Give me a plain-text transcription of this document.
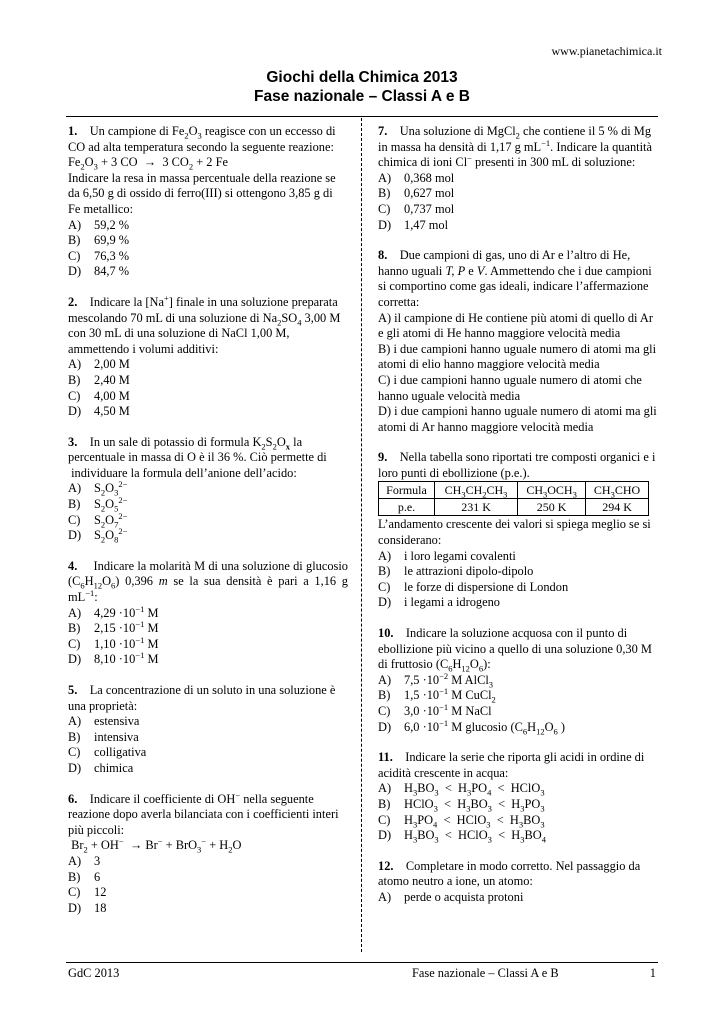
www.pianetachimica.it
Giochi della Chimica 2013
Fase nazionale – Classi A e B

1.    Un campione di $Fe_2O_3$ reagisce con un eccesso di CO ad alta temperatura secondo la seguente reazione:

$Fe_2O_3 + 3$ CO  →  3 $CO_2 + 2$ Fe

Indicare la resa in massa percentuale della reazione se da 6,50 g di ossido di ferro(III) si ottengono 3,85 g di Fe metallico:

A)	59,2 %
B)	69,9 %
C)	76,3 %
D)	84,7 %

2.    Indicare la [Na+] finale in una soluzione preparata mescolando 70 mL di una soluzione di $Na_2SO_4$ 3,00 M con 30 mL di una soluzione di NaCl 1,00 M, ammettendo i volumi additivi:

A)	2,00 M
B)	2,40 M
C)	4,00 M
D)	4,50 M

3.    In un sale di potassio di formula $K_2S_2O_x$ la percentuale in massa di O è il 36 %. Ciò permette di  individuare la formula dell’anione dell’acido:

A)	$S_2O_3^{2-}$
B)	$S_2O_5^{2-}$
C)	$S_2O_7^{2-}$
D)	$S_2O_8^{2-}$

4.     Indicare la molarità M di una soluzione di glucosio $(C_6H_{12}O_6)$ 0,396 m se la sua densità è pari a 1,16 g $mL^{-1}$:

A)	$4,29 \cdot 10^{-1}$ M
B)	$2,15 \cdot 10^{-1}$ M
C)	$1,10 \cdot 10^{-1}$ M
D)	$8,10 \cdot 10^{-1}$ M

5. La concentrazione di un soluto in una soluzione è una proprietà:

A)	estensiva
B)	intensiva
C)	colligativa
D)	chimica

6.    Indicare il coefficiente di OH− nella seguente reazione dopo averla bilanciata con i coefficienti interi più piccoli:

$Br_2 + OH^- \to Br^- + BrO_3^- + H_2O$

A)	3
B)	6
C)	12
D)	18

7.    Una soluzione di MgCl$_2$ che contiene il 5 % di Mg in massa ha densità di 1,17 g $mL^{-1}$. Indicare la quantità chimica di ioni Cl− presenti in 300 mL di soluzione:

A)	0,368 mol
B)	0,627 mol
C)	0,737 mol
D)	1,47 mol

8.    Due campioni di gas, uno di Ar e l’altro di He, hanno uguali T, P e V. Ammettendo che i due campioni si comportino come gas ideali, indicare l’affermazione corretta:

A) il campione di He contiene più atomi di quello di Ar e gli atomi di He hanno maggiore velocità media

B) i due campioni hanno uguale numero di atomi ma gli atomi di elio hanno maggiore velocità media

C) i due campioni hanno uguale numero di atomi che hanno uguale velocità media

D) i due campioni hanno uguale numero di atomi ma gli atomi di Ar hanno maggiore velocità media

9. Nella tabella sono riportati tre composti organici e i loro punti di ebollizione (p.e.).

Formula	$CH_3CH_2CH_3$	$CH_3OCH_3$	$CH_3CHO$
p.e.	231 K	250 K	294 K

L’andamento crescente dei valori si spiega meglio se si considerano:

A)	i loro legami covalenti
B)	le attrazioni dipolo-dipolo
C)	le forze di dispersione di London
D)	i legami a idrogeno

10.    Indicare la soluzione acquosa con il punto di ebollizione più vicino a quello di una soluzione 0,30 M di fruttosio $(C_6H_{12}O_6)$:

A)	$7,5 \cdot 10^{-2}$ M AlCl$_3$
B)	$1,5 \cdot 10^{-1}$ M CuCl$_2$
C)	$3,0 \cdot 10^{-1}$ M NaCl
D)	$6,0 \cdot 10^{-1}$ M glucosio ($C_6H_{12}O_6$ )

11. Indicare la serie che riporta gli acidi in ordine di acidità crescente in acqua:

A)	$H_3BO_3 < H_3PO_4$  <  HClO$_3$
B)	HClO$_3$  <  $H_3BO_3 < H_3PO_3$
C)	$H_3PO_4$  <  HClO$_3$  <  $H_3BO_3$
D)	$H_3BO_3$  <  HClO$_3$  <  $H_3BO_4$

12. Completare in modo corretto. Nel passaggio da atomo neutro a ione, un atomo:

A)	perde o acquista protoni
GdC 2013	Fase nazionale – Classi A e B	1
